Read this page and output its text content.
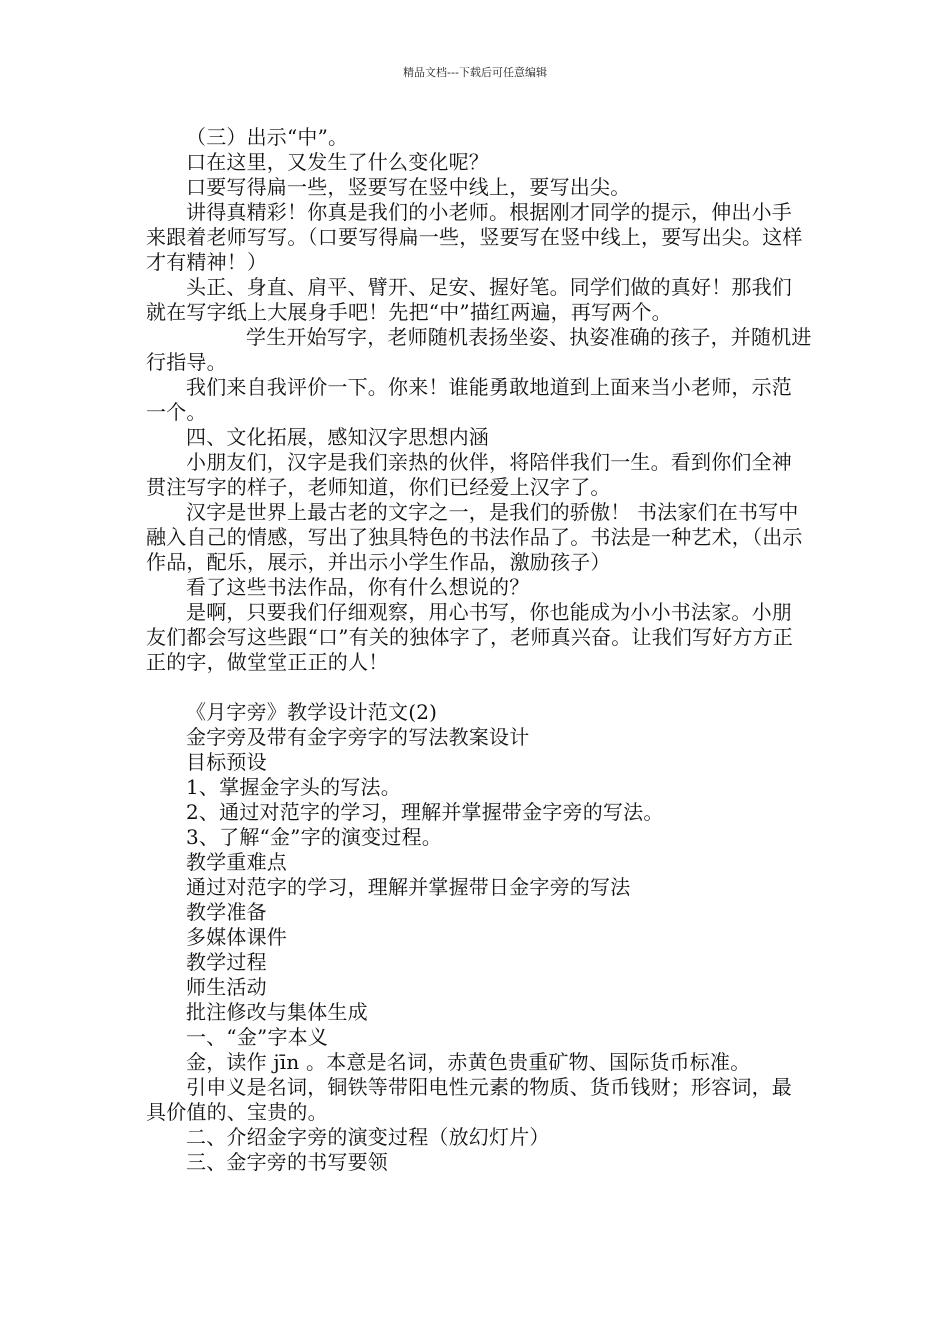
精品文档---下载后可任意编辑

（三）出示“中”。

口在这里，又发生了什么变化呢？

口要写得扁一些，竖要写在竖中线上，要写出尖。

讲得真精彩！你真是我们的小老师。根据刚才同学的提示，伸出小手来跟着老师写写。（口要写得扁一些，竖要写在竖中线上，要写出尖。这样才有精神！）

头正、身直、肩平、臂开、足安、握好笔。同学们做的真好！那我们就在写字纸上大展身手吧！先把“中”描红两遍，再写两个。

学生开始写字，老师随机表扬坐姿、执姿准确的孩子，并随机进行指导。

我们来自我评价一下。你来！谁能勇敢地道到上面来当小老师，示范一个。

四、文化拓展，感知汉字思想内涵

小朋友们，汉字是我们亲热的伙伴，将陪伴我们一生。看到你们全神贯注写字的样子，老师知道，你们已经爱上汉字了。

汉字是世界上最古老的文字之一，是我们的骄傲！ 书法家们在书写中融入自己的情感，写出了独具特色的书法作品了。书法是一种艺术，（出示作品，配乐，展示，并出示小学生作品，激励孩子）

看了这些书法作品，你有什么想说的？

是啊，只要我们仔细观察，用心书写，你也能成为小小书法家。小朋友们都会写这些跟“口”有关的独体字了，老师真兴奋。让我们写好方方正正的字，做堂堂正正的人！

《月字旁》教学设计范文(2)

金字旁及带有金字旁字的写法教案设计

目标预设

1、掌握金字头的写法。

2、通过对范字的学习，理解并掌握带金字旁的写法。

3、了解“金”字的演变过程。

教学重难点

通过对范字的学习，理解并掌握带日金字旁的写法

教学准备

多媒体课件

教学过程

师生活动

批注修改与集体生成

一、“金”字本义

金，读作 jīn 。本意是名词，赤黄色贵重矿物、国际货币标准。

引申义是名词，铜铁等带阳电性元素的物质、货币钱财；形容词，最具价值的、宝贵的。

二、介绍金字旁的演变过程（放幻灯片）

三、金字旁的书写要领
